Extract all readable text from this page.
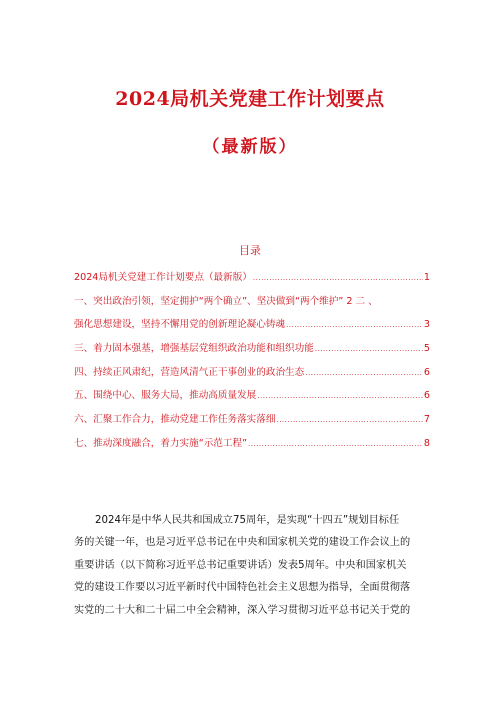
2024局机关党建工作计划要点
（最新版）
目录
2024局机关党建工作计划要点（最新版） .....	1
一、突出政治引领，坚定拥护“两个确立”、坚决做到“两个维护” 2 二 、
强化思想建设，坚持不懈用党的创新理论凝心铸魂 .....	3
三、着力固本强基，增强基层党组织政治功能和组织功能 .....	5
四、持续正风肃纪，营造风清气正干事创业的政治生态 .....	6
五、围绕中心、服务大局，推动高质量发展 .....	6
六、汇聚工作合力，推动党建工作任务落实落细 .....	7
七、推动深度融合，着力实施“示范工程” .....	8
2024年是中华人民共和国成立75周年，是实现“十四五”规划目标任
务的关键一年，也是习近平总书记在中央和国家机关党的建设工作会议上的
重要讲话（以下简称习近平总书记重要讲话）发表5周年。中央和国家机关
党的建设工作要以习近平新时代中国特色社会主义思想为指导，全面贯彻落
实党的二十大和二十届二中全会精神，深入学习贯彻习近平总书记关于党的
